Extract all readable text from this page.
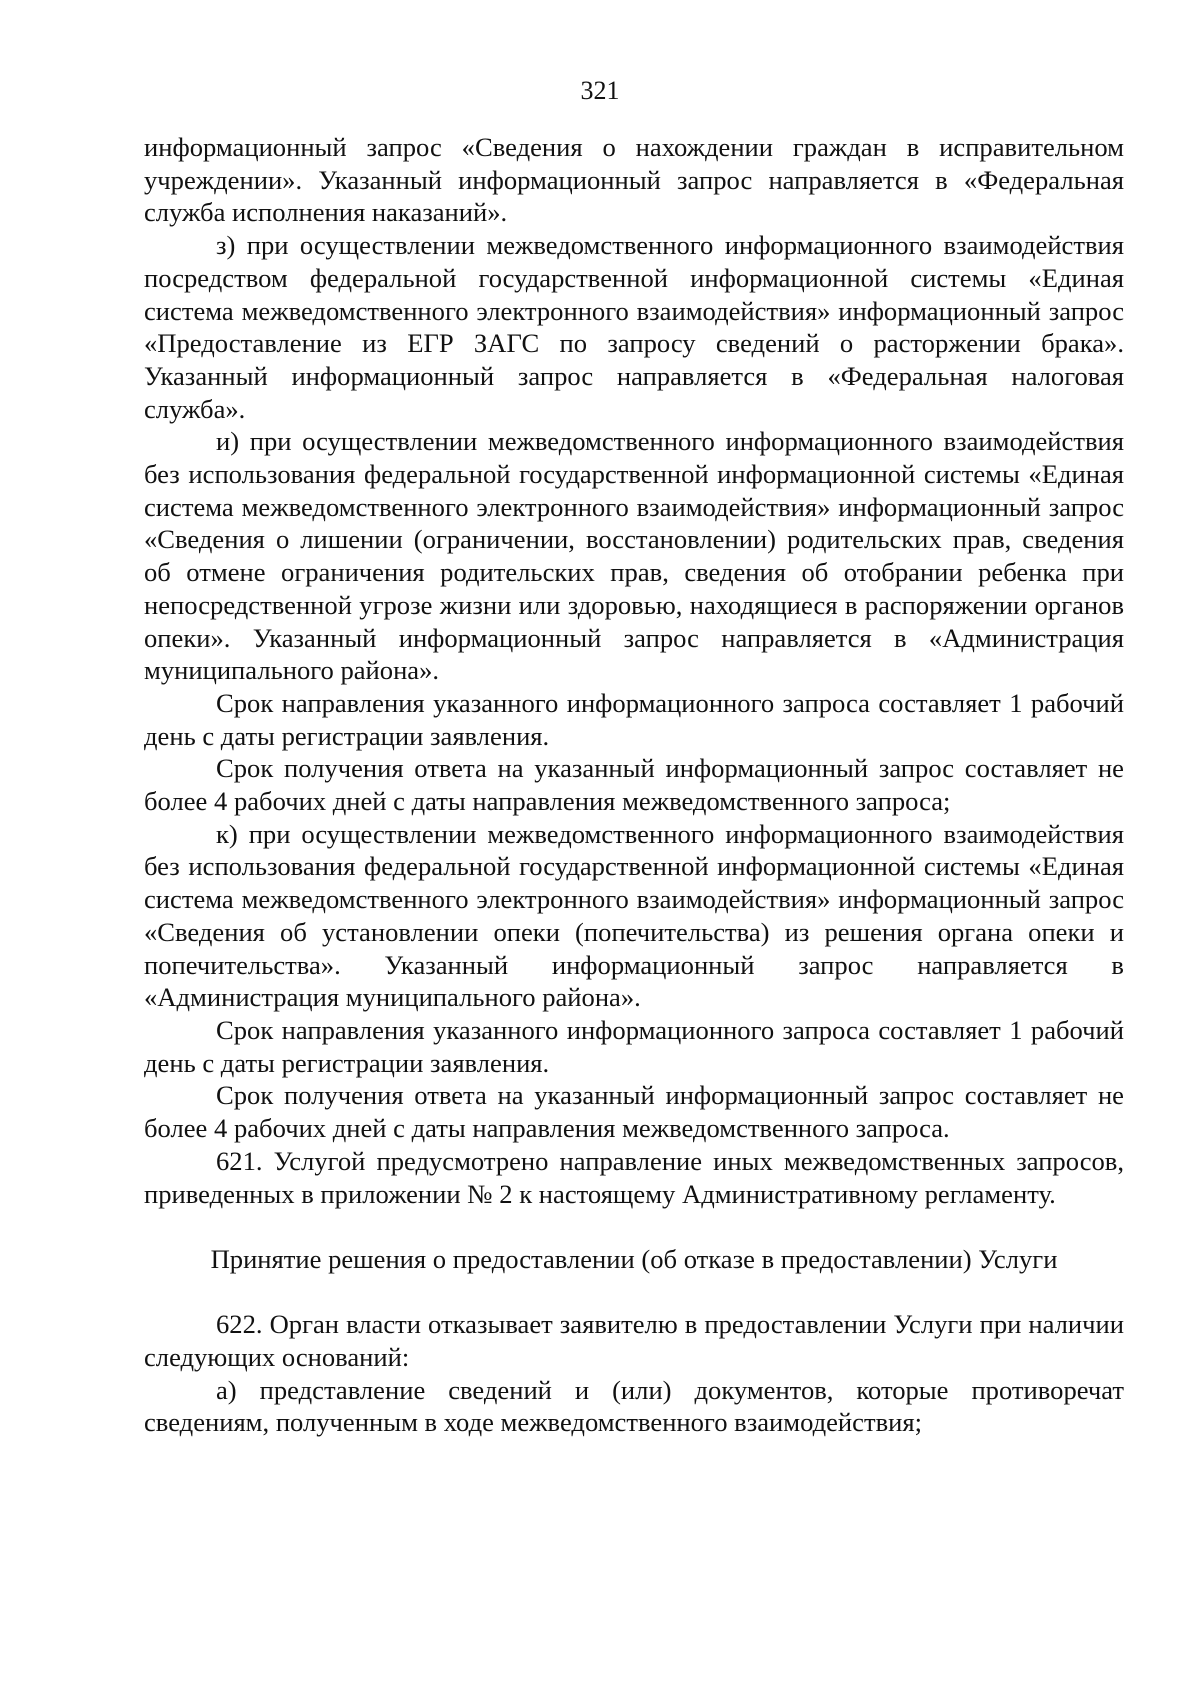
321

информационный запрос «Сведения о нахождении граждан в исправительном учреждении». Указанный информационный запрос направляется в «Федеральная служба исполнения наказаний».

з) при осуществлении межведомственного информационного взаимодействия посредством федеральной государственной информационной системы «Единая система межведомственного электронного взаимодействия» информационный запрос «Предоставление из ЕГР ЗАГС по запросу сведений о расторжении брака». Указанный информационный запрос направляется в «Федеральная налоговая служба».

и) при осуществлении межведомственного информационного взаимодействия без использования федеральной государственной информационной системы «Единая система межведомственного электронного взаимодействия» информационный запрос «Сведения о лишении (ограничении, восстановлении) родительских прав, сведения об отмене ограничения родительских прав, сведения об отобрании ребенка при непосредственной угрозе жизни или здоровью, находящиеся в распоряжении органов опеки». Указанный информационный запрос направляется в «Администрация муниципального района».

Срок направления указанного информационного запроса составляет 1 рабочий день с даты регистрации заявления.

Срок получения ответа на указанный информационный запрос составляет не более 4 рабочих дней с даты направления межведомственного запроса;

к) при осуществлении межведомственного информационного взаимодействия без использования федеральной государственной информационной системы «Единая система межведомственного электронного взаимодействия» информационный запрос «Сведения об установлении опеки (попечительства) из решения органа опеки и попечительства». Указанный информационный запрос направляется в «Администрация муниципального района».

Срок направления указанного информационного запроса составляет 1 рабочий день с даты регистрации заявления.

Срок получения ответа на указанный информационный запрос составляет не более 4 рабочих дней с даты направления межведомственного запроса.

621. Услугой предусмотрено направление иных межведомственных запросов, приведенных в приложении № 2 к настоящему Административному регламенту.

Принятие решения о предоставлении (об отказе в предоставлении) Услуги

622. Орган власти отказывает заявителю в предоставлении Услуги при наличии следующих оснований:

а) представление сведений и (или) документов, которые противоречат сведениям, полученным в ходе межведомственного взаимодействия;
